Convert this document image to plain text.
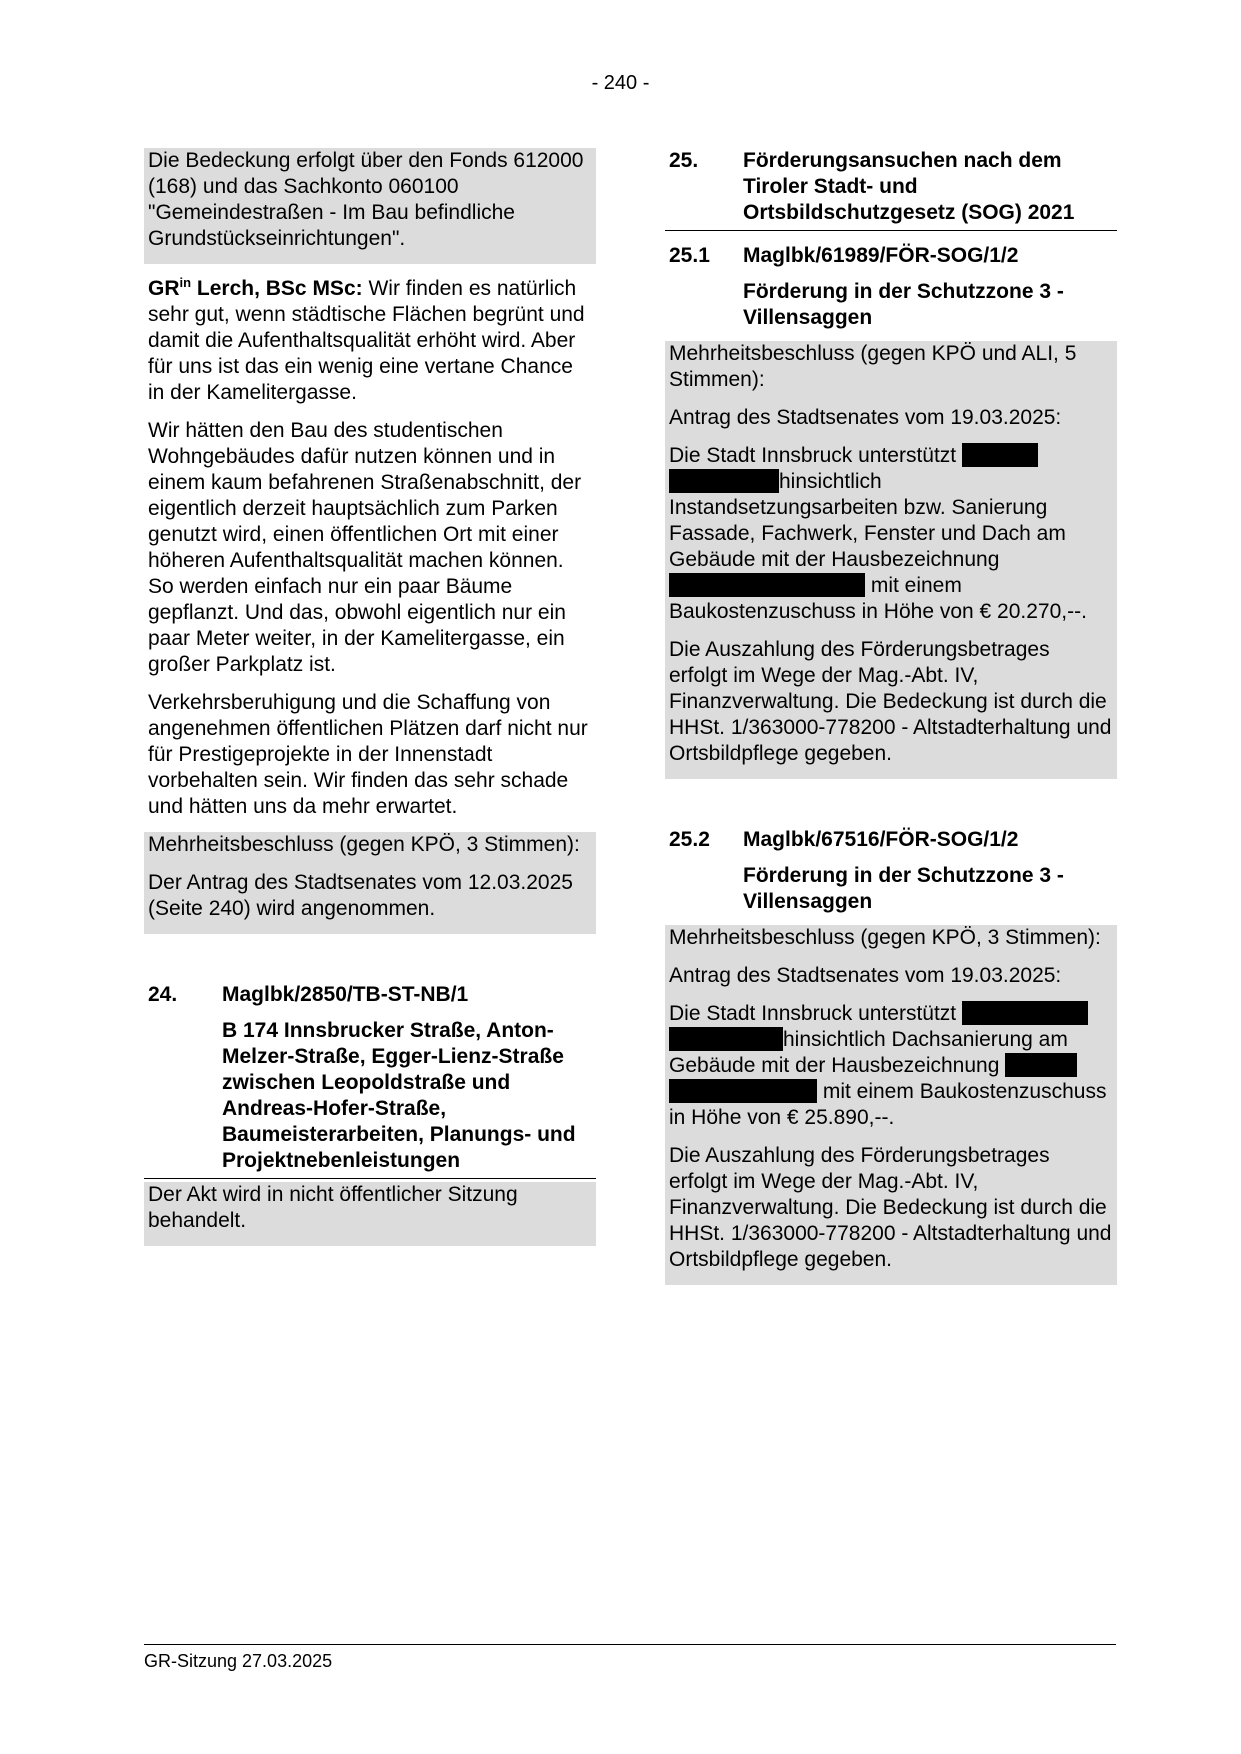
- 240 -

Die Bedeckung erfolgt über den Fonds 612000 (168) und das Sachkonto 060100 "Gemeindestraßen - Im Bau befindliche Grundstückseinrichtungen".

$GR^{in}$ Lerch, BSc MSc: Wir finden es natürlich sehr gut, wenn städtische Flächen begrünt und damit die Aufenthaltsqualität erhöht wird. Aber für uns ist das ein wenig eine vertane Chance in der Kamelitergasse.

Wir hätten den Bau des studentischen Wohngebäudes dafür nutzen können und in einem kaum befahrenen Straßenabschnitt, der eigentlich derzeit hauptsächlich zum Parken genutzt wird, einen öffentlichen Ort mit einer höheren Aufenthaltsqualität machen können. So werden einfach nur ein paar Bäume gepflanzt. Und das, obwohl eigentlich nur ein paar Meter weiter, in der Kamelitergasse, ein großer Parkplatz ist.

Verkehrsberuhigung und die Schaffung von angenehmen öffentlichen Plätzen darf nicht nur für Prestigeprojekte in der Innenstadt vorbehalten sein. Wir finden das sehr schade und hätten uns da mehr erwartet.

Mehrheitsbeschluss (gegen KPÖ, 3 Stimmen):

Der Antrag des Stadtsenates vom 12.03.2025 (Seite 240) wird angenommen.

24.	Maglbk/2850/TB-ST-NB/1

B 174 Innsbrucker Straße, Anton-Melzer-Straße, Egger-Lienz-Straße zwischen Leopoldstraße und Andreas-Hofer-Straße, Baumeisterarbeiten, Planungs- und Projektnebenleistungen

Der Akt wird in nicht öffentlicher Sitzung behandelt.

25.	Förderungsansuchen nach dem Tiroler Stadt- und Ortsbildschutzgesetz (SOG) 2021
25.1	Maglbk/61989/FÖR-SOG/1/2

Förderung in der Schutzzone 3 - Villensaggen

Mehrheitsbeschluss (gegen KPÖ und ALI, 5 Stimmen):

Antrag des Stadtsenates vom 19.03.2025:

Die Stadt Innsbruck unterstützt  hinsichtlich Instandsetzungsarbeiten bzw. Sanierung Fassade, Fachwerk, Fenster und Dach am Gebäude mit der Hausbezeichnung  mit einem Baukostenzuschuss in Höhe von € 20.270,--.

Die Auszahlung des Förderungsbetrages erfolgt im Wege der Mag.-Abt. IV, Finanzverwaltung. Die Bedeckung ist durch die HHSt. 1/363000-778200 - Altstadterhaltung und Ortsbildpflege gegeben.

25.2	Maglbk/67516/FÖR-SOG/1/2

Förderung in der Schutzzone 3 - Villensaggen

Mehrheitsbeschluss (gegen KPÖ, 3 Stimmen):

Antrag des Stadtsenates vom 19.03.2025:

Die Stadt Innsbruck unterstützt  hinsichtlich Dachsanierung am Gebäude mit der Hausbezeichnung   mit einem Baukostenzuschuss in Höhe von € 25.890,--.

Die Auszahlung des Förderungsbetrages erfolgt im Wege der Mag.-Abt. IV, Finanzverwaltung. Die Bedeckung ist durch die HHSt. 1/363000-778200 - Altstadterhaltung und Ortsbildpflege gegeben.

GR-Sitzung 27.03.2025
